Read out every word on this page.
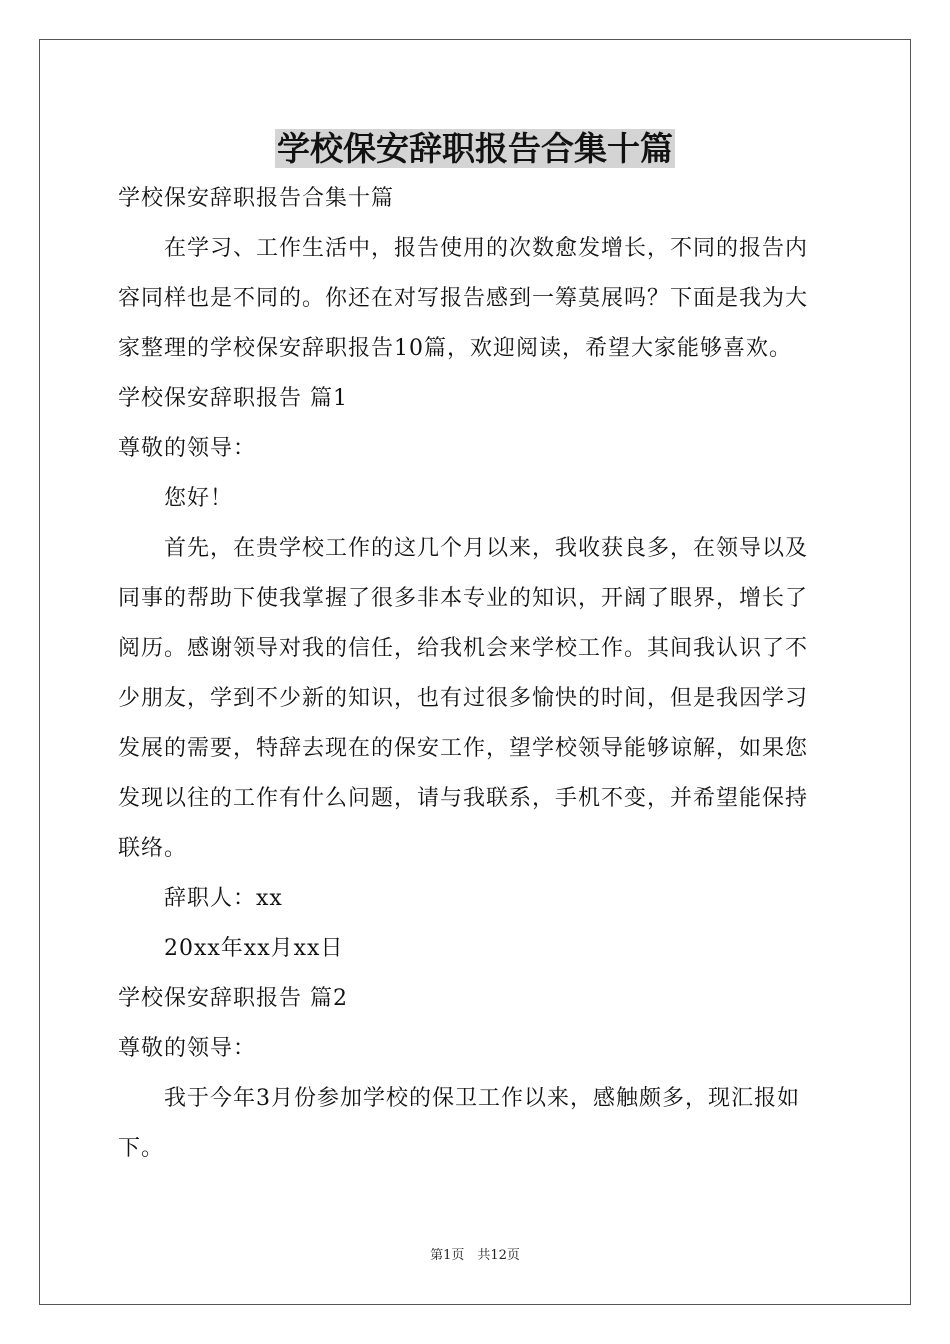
学校保安辞职报告合集十篇
学校保安辞职报告合集十篇
在学习、工作生活中，报告使用的次数愈发增长，不同的报告内
容同样也是不同的。你还在对写报告感到一筹莫展吗？下面是我为大
家整理的学校保安辞职报告10篇，欢迎阅读，希望大家能够喜欢。
学校保安辞职报告 篇1
尊敬的领导：
您好！
首先，在贵学校工作的这几个月以来，我收获良多，在领导以及
同事的帮助下使我掌握了很多非本专业的知识，开阔了眼界，增长了
阅历。感谢领导对我的信任，给我机会来学校工作。其间我认识了不
少朋友，学到不少新的知识，也有过很多愉快的时间，但是我因学习
发展的需要，特辞去现在的保安工作，望学校领导能够谅解，如果您
发现以往的工作有什么问题，请与我联系，手机不变，并希望能保持
联络。
辞职人：xx
20xx年xx月xx日
学校保安辞职报告 篇2
尊敬的领导：
我于今年3月份参加学校的保卫工作以来，感触颇多，现汇报如
下。
第1页　共12页
